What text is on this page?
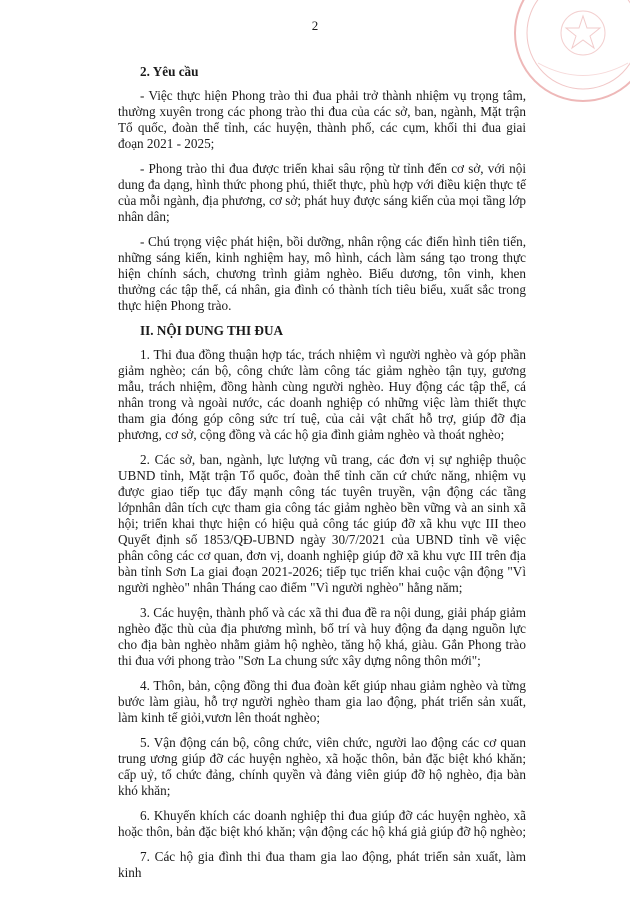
2
2. Yêu cầu

- Việc thực hiện Phong trào thi đua phải trở thành nhiệm vụ trọng tâm, thường xuyên trong các phong trào thi đua của các sở, ban, ngành, Mặt trận Tổ quốc, đoàn thể tỉnh, các huyện, thành phố, các cụm, khối thi đua giai đoạn 2021 - 2025;

- Phong trào thi đua được triển khai sâu rộng từ tỉnh đến cơ sở, với nội dung đa dạng, hình thức phong phú, thiết thực, phù hợp với điều kiện thực tế của mỗi ngành, địa phương, cơ sở; phát huy được sáng kiến của mọi tầng lớp nhân dân;

- Chú trọng việc phát hiện, bồi dưỡng, nhân rộng các điển hình tiên tiến, những sáng kiến, kinh nghiệm hay, mô hình, cách làm sáng tạo trong thực hiện chính sách, chương trình giảm nghèo. Biểu dương, tôn vinh, khen thưởng các tập thể, cá nhân, gia đình có thành tích tiêu biểu, xuất sắc trong thực hiện Phong trào.

II. NỘI DUNG THI ĐUA

1. Thi đua đồng thuận hợp tác, trách nhiệm vì người nghèo và góp phần giảm nghèo; cán bộ, công chức làm công tác giảm nghèo tận tụy, gương mẫu, trách nhiệm, đồng hành cùng người nghèo. Huy động các tập thể, cá nhân trong và ngoài nước, các doanh nghiệp có những việc làm thiết thực tham gia đóng góp công sức trí tuệ, của cải vật chất hỗ trợ, giúp đỡ địa phương, cơ sở, cộng đồng và các hộ gia đình giảm nghèo và thoát nghèo;

2. Các sở, ban, ngành, lực lượng vũ trang, các đơn vị sự nghiệp thuộc UBND tỉnh, Mặt trận Tổ quốc, đoàn thể tỉnh căn cứ chức năng, nhiệm vụ được giao tiếp tục đẩy mạnh công tác tuyên truyền, vận động các tầng lớpnhân dân tích cực tham gia công tác giảm nghèo bền vững và an sinh xã hội; triển khai thực hiện có hiệu quả công tác giúp đỡ xã khu vực III theo Quyết định số 1853/QĐ-UBND ngày 30/7/2021 của UBND tỉnh về việc phân công các cơ quan, đơn vị, doanh nghiệp giúp đỡ xã khu vực III trên địa bàn tỉnh Sơn La giai đoạn 2021-2026; tiếp tục triển khai cuộc vận động "Vì người nghèo" nhân Tháng cao điểm "Vì người nghèo" hằng năm;

3. Các huyện, thành phố và các xã thi đua đề ra nội dung, giải pháp giảm nghèo đặc thù của địa phương mình, bố trí và huy động đa dạng nguồn lực cho địa bàn nghèo nhằm giảm hộ nghèo, tăng hộ khá, giàu. Gắn Phong trào thi đua với phong trào "Sơn La chung sức xây dựng nông thôn mới";

4. Thôn, bản, cộng đồng thi đua đoàn kết giúp nhau giảm nghèo và từng bước làm giàu, hỗ trợ người nghèo tham gia lao động, phát triển sản xuất, làm kinh tế giỏi,vươn lên thoát nghèo;

5. Vận động cán bộ, công chức, viên chức, người lao động các cơ quan trung ương giúp đỡ các huyện nghèo, xã hoặc thôn, bản đặc biệt khó khăn; cấp uỷ, tổ chức đảng, chính quyền và đảng viên giúp đỡ hộ nghèo, địa bàn khó khăn;

6. Khuyến khích các doanh nghiệp thi đua giúp đỡ các huyện nghèo, xã hoặc thôn, bản đặc biệt khó khăn; vận động các hộ khá giả giúp đỡ hộ nghèo;

7. Các hộ gia đình thi đua tham gia lao động, phát triển sản xuất, làm kinh
